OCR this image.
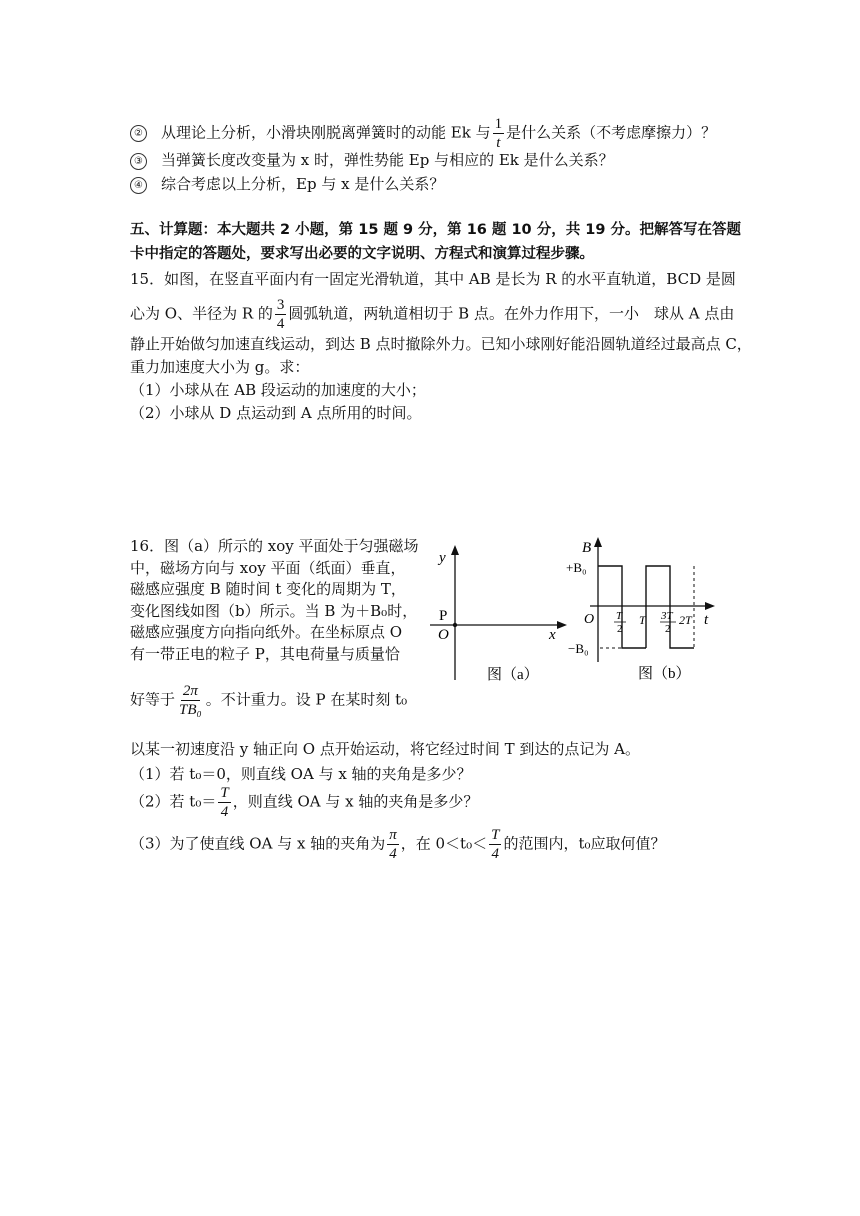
② 从理论上分析，小滑块刚脱离弹簧时的动能 Ek 与 $\frac{1}{t}$ 是什么关系（不考虑摩擦力）？
③ 当弹簧长度改变量为 x 时，弹性势能 Ep 与相应的 Ek 是什么关系？
④ 综合考虑以上分析，Ep 与 x 是什么关系？
五、计算题：本大题共 2 小题，第 15 题 9 分，第 16 题 10 分，共 19 分。把解答写在答题
卡中指定的答题处，要求写出必要的文字说明、方程式和演算过程步骤。
15．如图，在竖直平面内有一固定光滑轨道，其中 AB 是长为 R 的水平直轨道，BCD 是圆
心为 O、半径为 R 的 $\frac{3}{4}$ 圆弧轨道，两轨道相切于 B 点。在外力作用下，一小　球从 A 点由
静止开始做匀加速直线运动，到达 B 点时撤除外力。已知小球刚好能沿圆轨道经过最高点 C，
重力加速度大小为 g。求：
（1）小球从在 AB 段运动的加速度的大小；
（2）小球从 D 点运动到 A 点所用的时间。
16．图（a）所示的 xoy 平面处于匀强磁场中，磁场方向与 xoy 平面（纸面）垂直，磁感应强度 B 随时间 t 变化的周期为 T，变化图线如图（b）所示。当 B 为＋B₀时，磁感应强度方向指向纸外。在坐标原点 O 有一带正电的粒子 P，其电荷量与质量恰
好等于 $\frac{2\pi}{\text{TB₀}}$ 。不计重力。设 P 在某时刻 t₀
以某一初速度沿 y 轴正向 O 点开始运动，将它经过时间 T 到达的点记为 A。
（1）若 t₀＝0，则直线 OA 与 x 轴的夹角是多少？
（2）若 $t_0= \frac{T}{4}$ ，则直线 OA 与 x 轴的夹角是多少？
（3）为了使直线 OA 与 x 轴的夹角为 $\frac{\pi}{4}$ ，在 $0<t_0< \frac{T}{4}$ 的范围内，t₀应取何值？
y
P
O	x
图（a）
B
+B₀
−B₀
O	t
T
2
T 3T
2
2T
图（b）
